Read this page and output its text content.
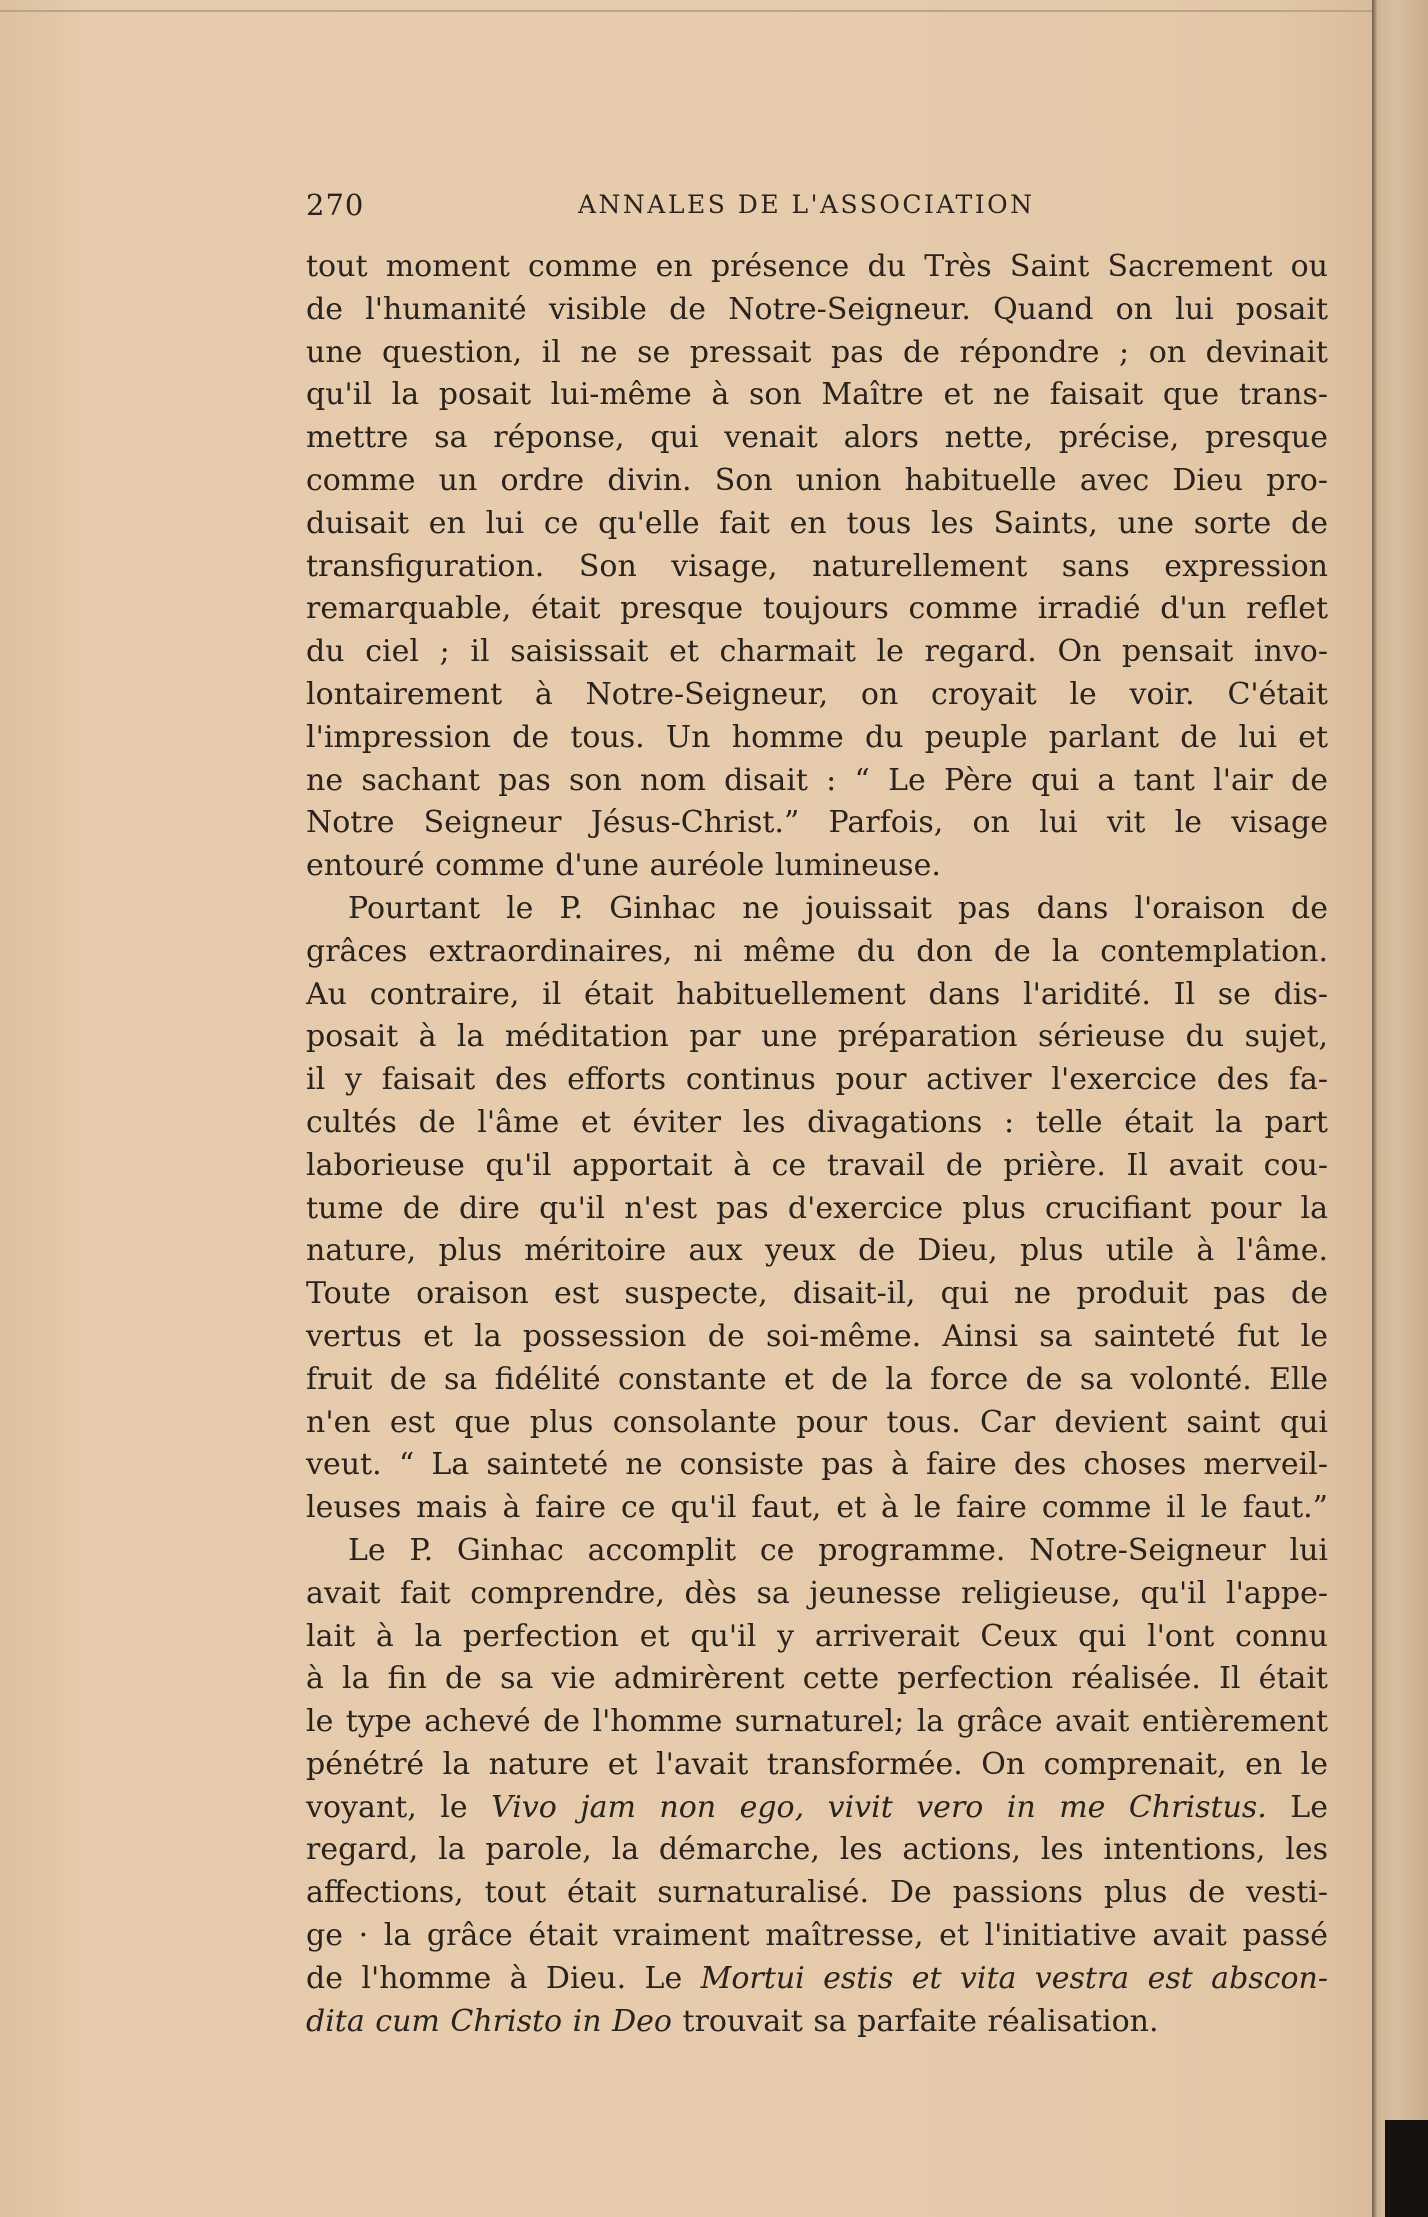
270	ANNALES DE L'ASSOCIATION
tout moment comme en présence du Très Saint Sacrement ou
de l'humanité visible de Notre-Seigneur. Quand on lui posait
une question, il ne se pressait pas de répondre ; on devinait
qu'il la posait lui-même à son Maître et ne faisait que trans-
mettre sa réponse, qui venait alors nette, précise, presque
comme un ordre divin. Son union habituelle avec Dieu pro-
duisait en lui ce qu'elle fait en tous les Saints, une sorte de
transfiguration. Son visage, naturellement sans expression
remarquable, était presque toujours comme irradié d'un reflet
du ciel ; il saisissait et charmait le regard. On pensait invo-
lontairement à Notre-Seigneur, on croyait le voir. C'était
l'impression de tous. Un homme du peuple parlant de lui et
ne sachant pas son nom disait : “ Le Père qui a tant l'air de
Notre Seigneur Jésus-Christ.” Parfois, on lui vit le visage
entouré comme d'une auréole lumineuse.
Pourtant le P. Ginhac ne jouissait pas dans l'oraison de
grâces extraordinaires, ni même du don de la contemplation.
Au contraire, il était habituellement dans l'aridité. Il se dis-
posait à la méditation par une préparation sérieuse du sujet,
il y faisait des efforts continus pour activer l'exercice des fa-
cultés de l'âme et éviter les divagations : telle était la part
laborieuse qu'il apportait à ce travail de prière. Il avait cou-
tume de dire qu'il n'est pas d'exercice plus crucifiant pour la
nature, plus méritoire aux yeux de Dieu, plus utile à l'âme.
Toute oraison est suspecte, disait-il, qui ne produit pas de
vertus et la possession de soi-même. Ainsi sa sainteté fut le
fruit de sa fidélité constante et de la force de sa volonté. Elle
n'en est que plus consolante pour tous. Car devient saint qui
veut. “ La sainteté ne consiste pas à faire des choses merveil-
leuses mais à faire ce qu'il faut, et à le faire comme il le faut.”
Le P. Ginhac accomplit ce programme. Notre-Seigneur lui
avait fait comprendre, dès sa jeunesse religieuse, qu'il l'appe-
lait à la perfection et qu'il y arriverait Ceux qui l'ont connu
à la fin de sa vie admirèrent cette perfection réalisée. Il était
le type achevé de l'homme surnaturel; la grâce avait entièrement
pénétré la nature et l'avait transformée. On comprenait, en le
voyant, le Vivo jam non ego, vivit vero in me Christus. Le
regard, la parole, la démarche, les actions, les intentions, les
affections, tout était surnaturalisé. De passions plus de vesti-
ge · la grâce était vraiment maîtresse, et l'initiative avait passé
de l'homme à Dieu. Le Mortui estis et vita vestra est abscon-
dita cum Christo in Deo trouvait sa parfaite réalisation.
